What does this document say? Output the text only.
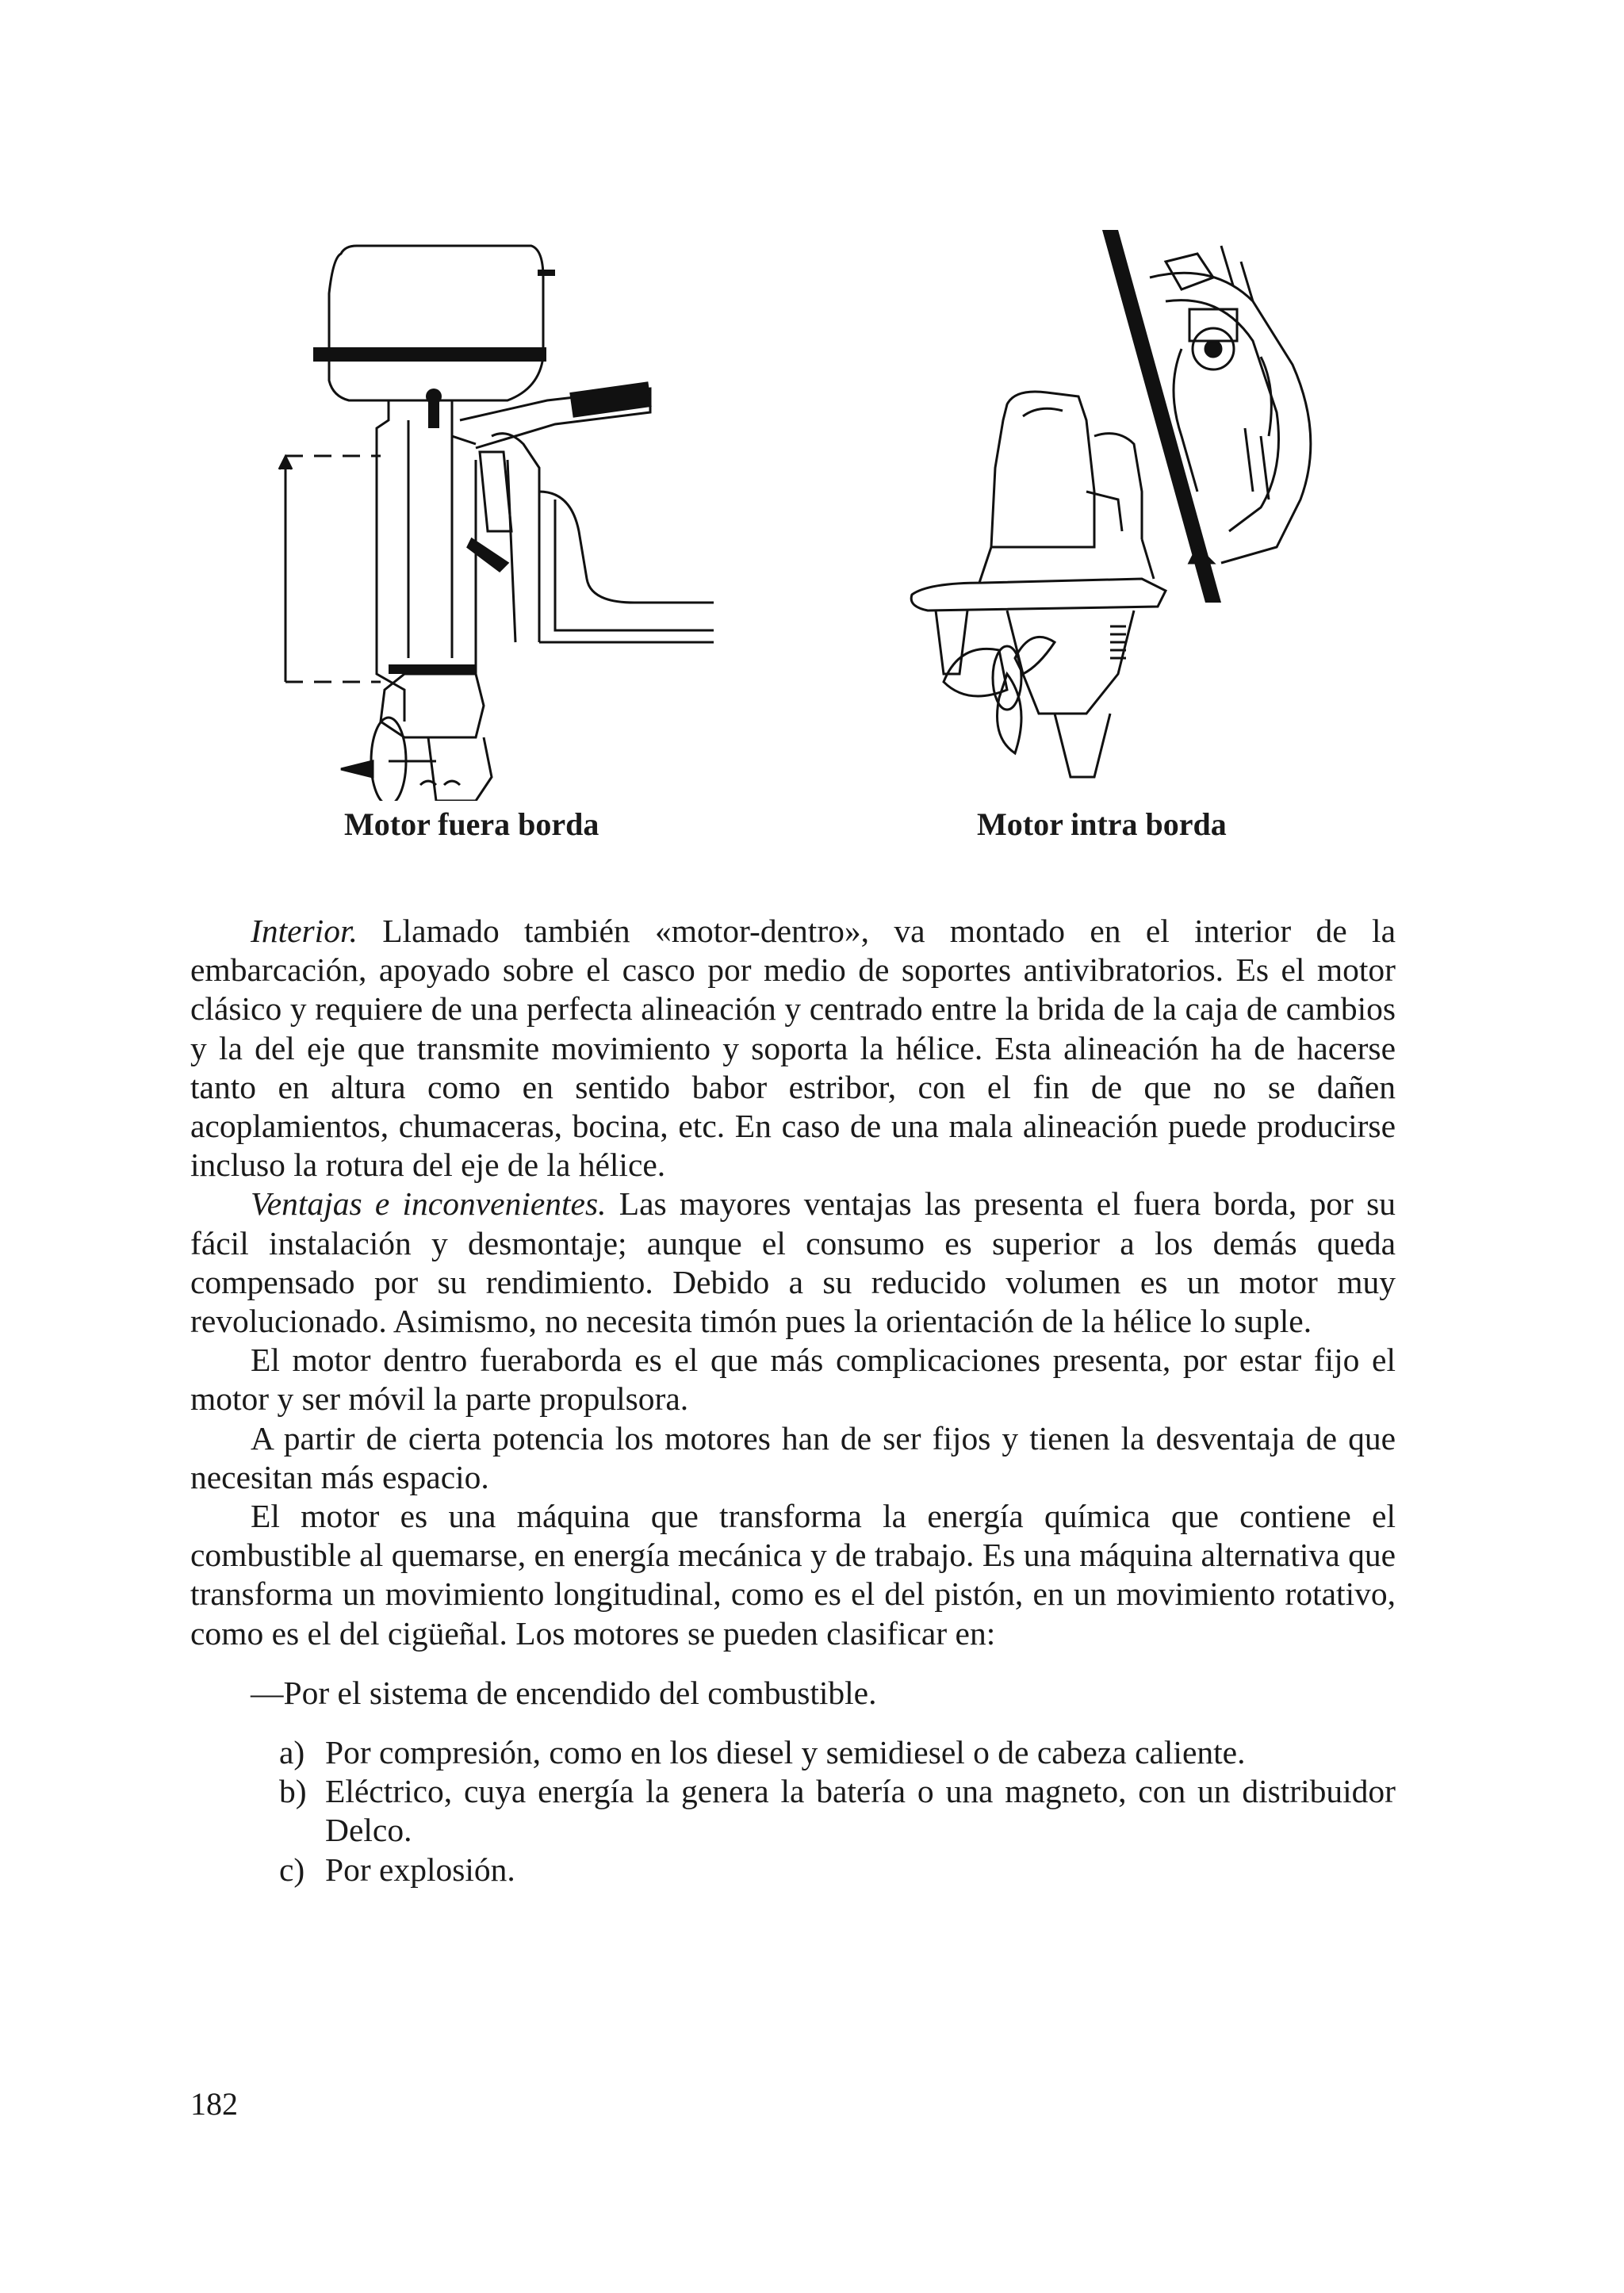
Motor fuera borda	Motor intra borda

Interior. Llamado también «motor-dentro», va montado en el interior de la embarcación, apoyado sobre el casco por medio de soportes antivibratorios. Es el motor clásico y requiere de una perfecta alineación y centrado entre la brida de la caja de cambios y la del eje que transmite movimiento y soporta la hélice. Esta alineación ha de hacerse tanto en altura como en sentido babor estribor, con el fin de que no se dañen acoplamientos, chumaceras, bocina, etc. En caso de una mala alineación puede producirse incluso la rotura del eje de la hélice.

Ventajas e inconvenientes. Las mayores ventajas las presenta el fuera borda, por su fácil instalación y desmontaje; aunque el consumo es superior a los demás queda compensado por su rendimiento. Debido a su reducido volumen es un motor muy revolucionado. Asimismo, no necesita timón pues la orientación de la hélice lo suple.

El motor dentro fueraborda es el que más complicaciones presenta, por estar fijo el motor y ser móvil la parte propulsora.

A partir de cierta potencia los motores han de ser fijos y tienen la desventaja de que necesitan más espacio.

El motor es una máquina que transforma la energía química que contiene el combustible al quemarse, en energía mecánica y de trabajo. Es una máquina alternativa que transforma un movimiento longitudinal, como es el del pistón, en un movimiento rotativo, como es el del cigüeñal. Los motores se pueden clasificar en:

—Por el sistema de encendido del combustible.
a) Por compresión, como en los diesel y semidiesel o de cabeza caliente.
b) Eléctrico, cuya energía la genera la batería o una magneto, con un distribuidor Delco.
c) Por explosión.
182
